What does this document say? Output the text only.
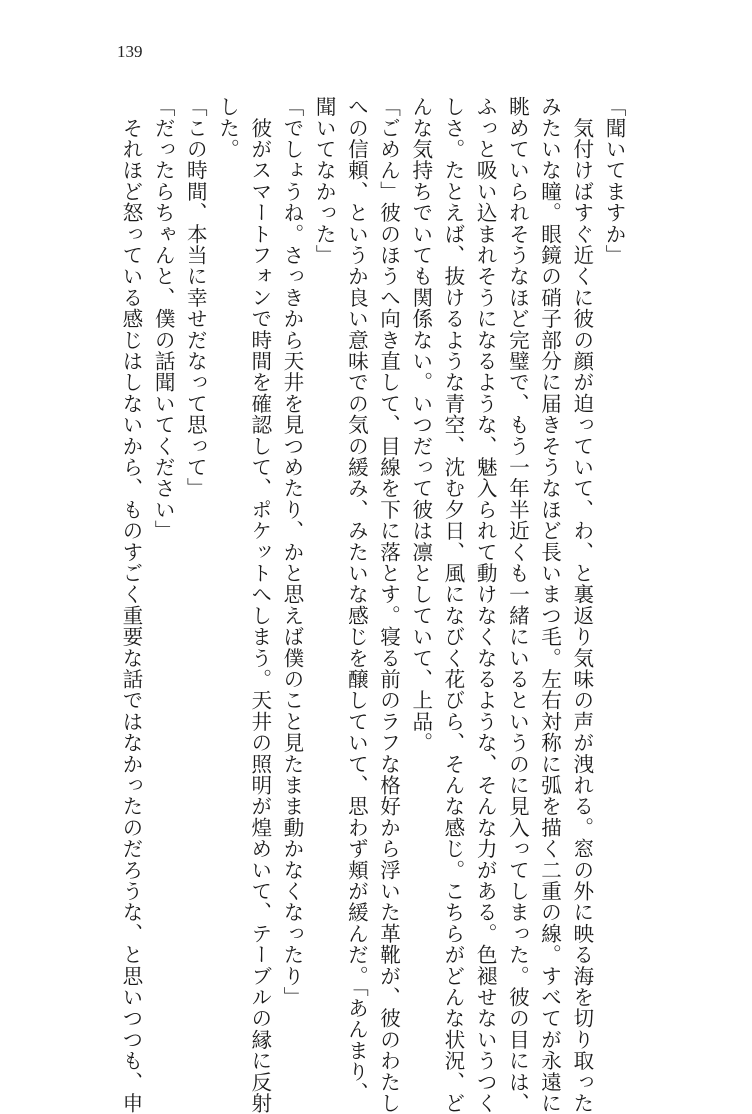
139
「聞いてますか」
　気付けばすぐ近くに彼の顔が迫っていて、わ、と裏返り気味の声が洩れる。窓の外に映る海を切り取った
みたいな瞳。眼鏡の硝子部分に届きそうなほど長いまつ毛。左右対称に弧を描く二重の線。すべてが永遠に
眺めていられそうなほど完璧で、もう一年半近くも一緒にいるというのに見入ってしまった。彼の目には、
ふっと吸い込まれそうになるような、魅入られて動けなくなるような、そんな力がある。色褪せないうつく
しさ。たとえば、抜けるような青空、沈む夕日、風になびく花びら、そんな感じ。こちらがどんな状況、ど
んな気持ちでいても関係ない。いつだって彼は凛としていて、上品。
「ごめん」彼のほうへ向き直して、目線を下に落とす。寝る前のラフな格好から浮いた革靴が、彼のわたし
への信頼、というか良い意味での気の緩み、みたいな感じを醸していて、思わず頬が緩んだ。「あんまり、
聞いてなかった」
「でしょうね。さっきから天井を見つめたり、かと思えば僕のこと見たまま動かなくなったり」
　彼がスマートフォンで時間を確認して、ポケットへしまう。天井の照明が煌めいて、テーブルの縁に反射
した。
「この時間、本当に幸せだなって思って」
「だったらちゃんと、僕の話聞いてください」
　それほど怒っている感じはしないから、ものすごく重要な話ではなかったのだろうな、と思いつつも、申
